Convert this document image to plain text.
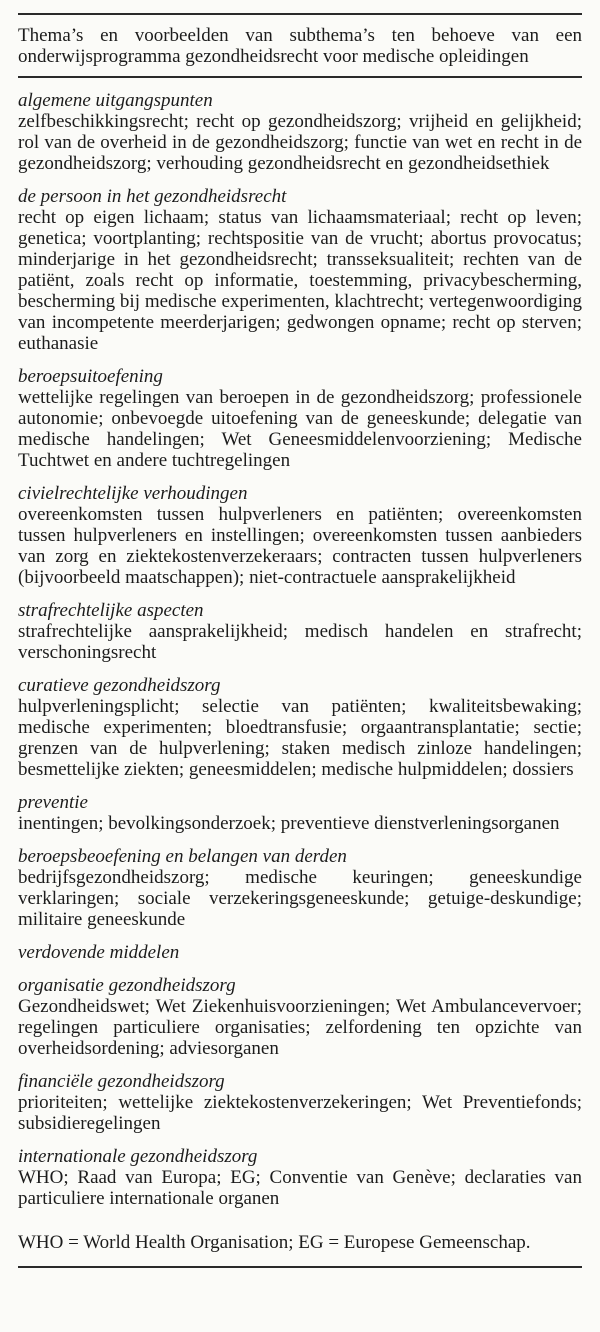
Thema’s en voorbeelden van subthema’s ten behoeve van een onderwijsprogramma gezondheidsrecht voor medische opleidingen

algemene uitgangspunten

zelfbeschikkingsrecht; recht op gezondheidszorg; vrijheid en gelijkheid; rol van de overheid in de gezondheidszorg; functie van wet en recht in de gezondheidszorg; verhouding gezondheidsrecht en gezondheidsethiek

de persoon in het gezondheidsrecht

recht op eigen lichaam; status van lichaamsmateriaal; recht op leven; genetica; voortplanting; rechtspositie van de vrucht; abortus provocatus; minderjarige in het gezondheidsrecht; transseksualiteit; rechten van de patiënt, zoals recht op informatie, toestemming, privacybescherming, bescherming bij medische experimenten, klachtrecht; vertegenwoordiging van incompetente meerderjarigen; gedwongen opname; recht op sterven; euthanasie

beroepsuitoefening

wettelijke regelingen van beroepen in de gezondheidszorg; professionele autonomie; onbevoegde uitoefening van de geneeskunde; delegatie van medische handelingen; Wet Geneesmiddelenvoorziening; Medische Tuchtwet en andere tuchtregelingen

civielrechtelijke verhoudingen

overeenkomsten tussen hulpverleners en patiënten; overeenkomsten tussen hulpverleners en instellingen; overeenkomsten tussen aanbieders van zorg en ziektekostenverzekeraars; contracten tussen hulpverleners (bijvoorbeeld maatschappen); niet-contractuele aansprakelijkheid

strafrechtelijke aspecten

strafrechtelijke aansprakelijkheid; medisch handelen en strafrecht; verschoningsrecht

curatieve gezondheidszorg

hulpverleningsplicht; selectie van patiënten; kwaliteitsbewaking; medische experimenten; bloedtransfusie; orgaantransplantatie; sectie; grenzen van de hulpverlening; staken medisch zinloze handelingen; besmettelijke ziekten; geneesmiddelen; medische hulpmiddelen; dossiers

preventie

inentingen; bevolkingsonderzoek; preventieve dienstverleningsorganen

beroepsbeoefening en belangen van derden

bedrijfsgezondheidszorg; medische keuringen; geneeskundige verklaringen; sociale verzekeringsgeneeskunde; getuige-deskundige; militaire geneeskunde

verdovende middelen
organisatie gezondheidszorg

Gezondheidswet; Wet Ziekenhuisvoorzieningen; Wet Ambulancevervoer; regelingen particuliere organisaties; zelfordening ten opzichte van overheidsordening; adviesorganen

financiële gezondheidszorg

prioriteiten; wettelijke ziektekostenverzekeringen; Wet Preventiefonds; subsidieregelingen

internationale gezondheidszorg

WHO; Raad van Europa; EG; Conventie van Genève; declaraties van particuliere internationale organen

WHO = World Health Organisation; EG = Europese Gemeenschap.
